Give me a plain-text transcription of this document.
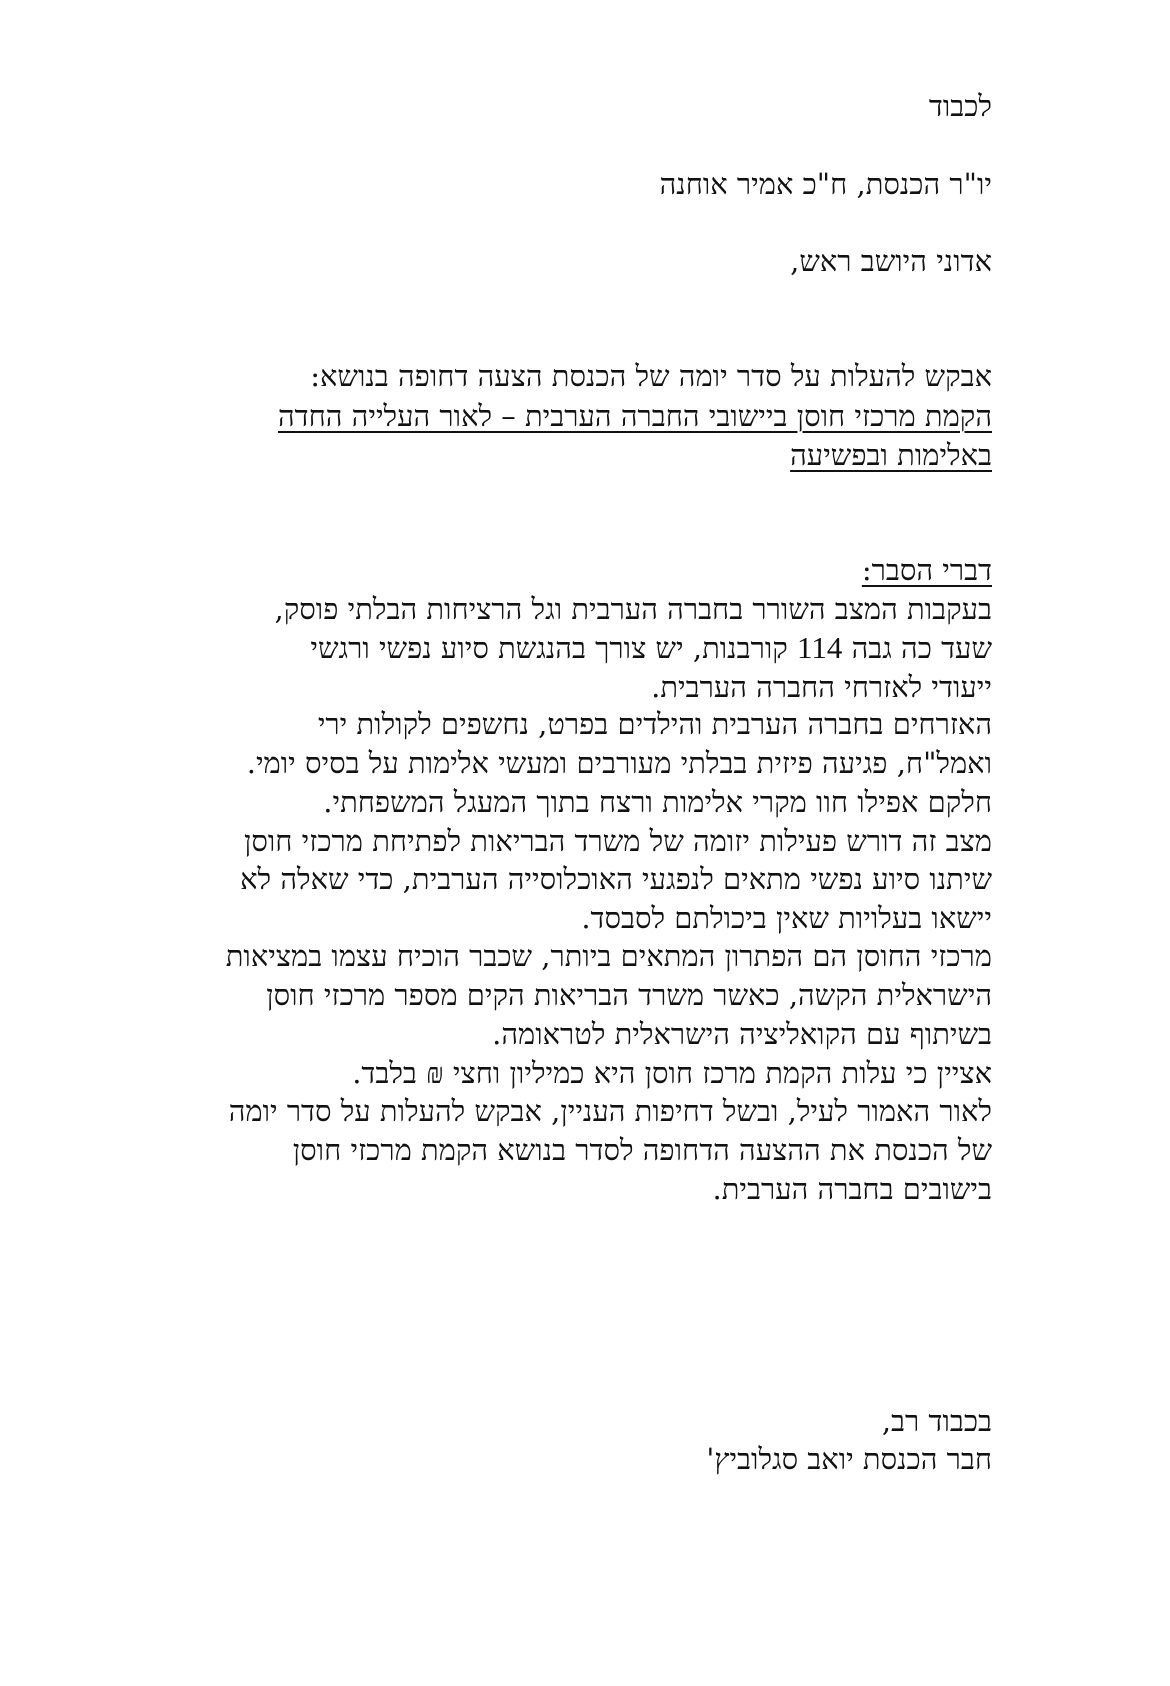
לכבוד

יו"ר הכנסת, ח"כ אמיר אוחנה

אדוני היושב ראש,

אבקש להעלות על סדר יומה של הכנסת הצעה דחופה בנושא:

הקמת מרכזי חוסן ביישובי החברה הערבית – לאור העלייה החדה

באלימות ובפשיעה

דברי הסבר:

בעקבות המצב השורר בחברה הערבית וגל הרציחות הבלתי פוסק,

שעד כה גבה 114 קורבנות, יש צורך בהנגשת סיוע נפשי ורגשי

ייעודי לאזרחי החברה הערבית.

האזרחים בחברה הערבית והילדים בפרט, נחשפים לקולות ירי

ואמל"ח, פגיעה פיזית בבלתי מעורבים ומעשי אלימות על בסיס יומי.

חלקם אפילו חוו מקרי אלימות ורצח בתוך המעגל המשפחתי.

מצב זה דורש פעילות יזומה של משרד הבריאות לפתיחת מרכזי חוסן

שיתנו סיוע נפשי מתאים לנפגעי האוכלוסייה הערבית, כדי שאלה לא

יישאו בעלויות שאין ביכולתם לסבסד.

מרכזי החוסן הם הפתרון המתאים ביותר, שכבר הוכיח עצמו במציאות

הישראלית הקשה, כאשר משרד הבריאות הקים מספר מרכזי חוסן

בשיתוף עם הקואליציה הישראלית לטראומה.

אציין כי עלות הקמת מרכז חוסן היא כמיליון וחצי ₪ בלבד.

לאור האמור לעיל, ובשל דחיפות העניין, אבקש להעלות על סדר יומה

של הכנסת את ההצעה הדחופה לסדר בנושא הקמת מרכזי חוסן

בישובים בחברה הערבית.

בכבוד רב,

חבר הכנסת יואב סגלוביץ'
